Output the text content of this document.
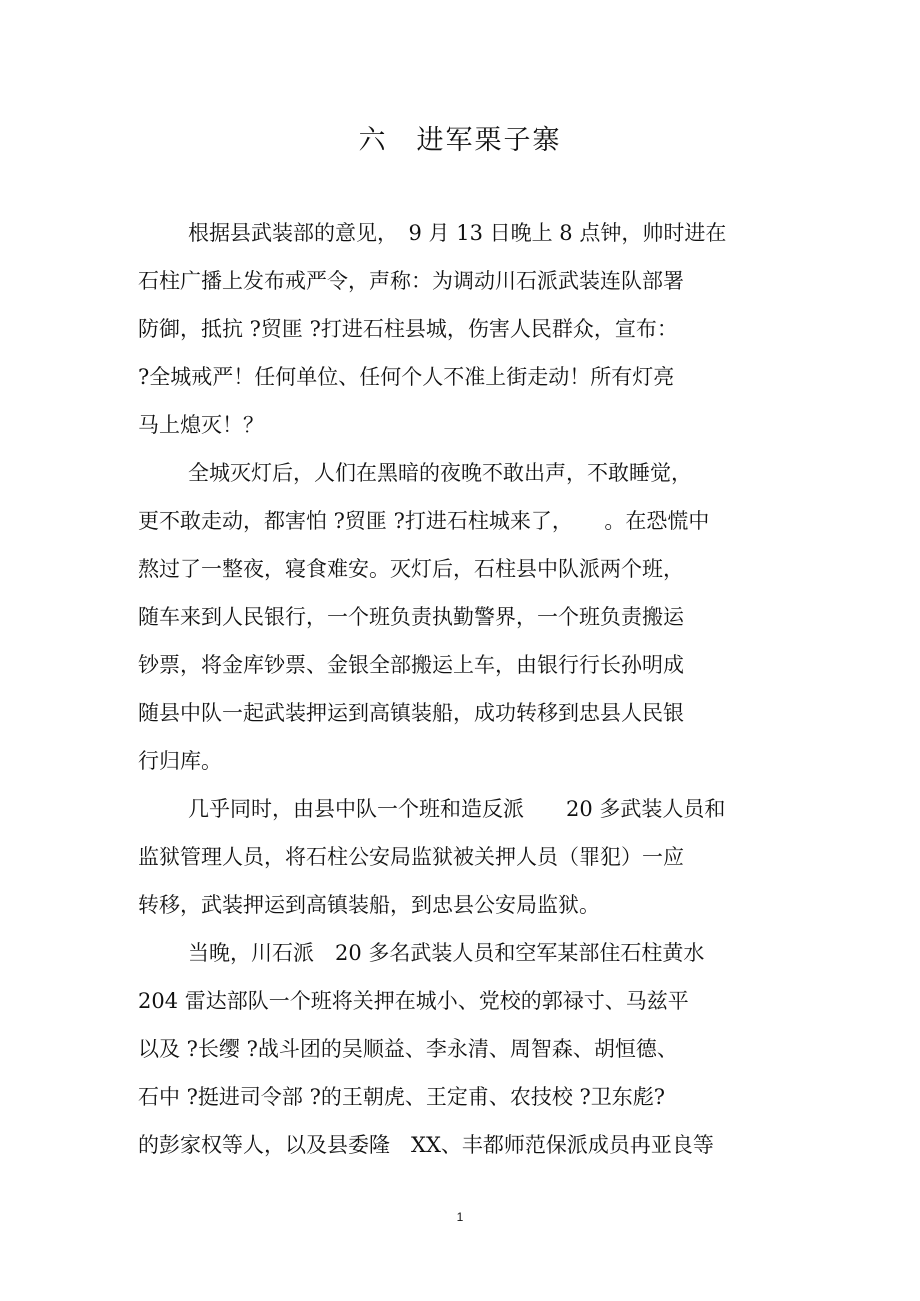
六　进军栗子寨
根据县武装部的意见，　9 月 13 日晚上 8 点钟，帅时进在
石柱广播上发布戒严令，声称：为调动川石派武装连队部署
防御，抵抗 ?贸匪 ?打进石柱县城，伤害人民群众，宣布：
?全城戒严！任何单位、任何个人不准上街走动！所有灯亮
马上熄灭！？
全城灭灯后，人们在黑暗的夜晚不敢出声，不敢睡觉，
更不敢走动，都害怕 ?贸匪 ?打进石柱城来了，　　。在恐慌中
熬过了一整夜，寝食难安。灭灯后，石柱县中队派两个班，
随车来到人民银行，一个班负责执勤警界，一个班负责搬运
钞票，将金库钞票、金银全部搬运上车，由银行行长孙明成
随县中队一起武装押运到高镇装船，成功转移到忠县人民银
行归库。
几乎同时，由县中队一个班和造反派　　20 多武装人员和
监狱管理人员，将石柱公安局监狱被关押人员（罪犯）一应
转移，武装押运到高镇装船，到忠县公安局监狱。
当晚，川石派　20 多名武装人员和空军某部住石柱黄水
204 雷达部队一个班将关押在城小、党校的郭禄寸、马兹平
以及 ?长缨 ?战斗团的吴顺益、李永清、周智森、胡恒德、
石中 ?挺进司令部 ?的王朝虎、王定甫、农技校 ?卫东彪?
的彭家权等人，以及县委隆　XX、丰都师范保派成员冉亚良等
1
